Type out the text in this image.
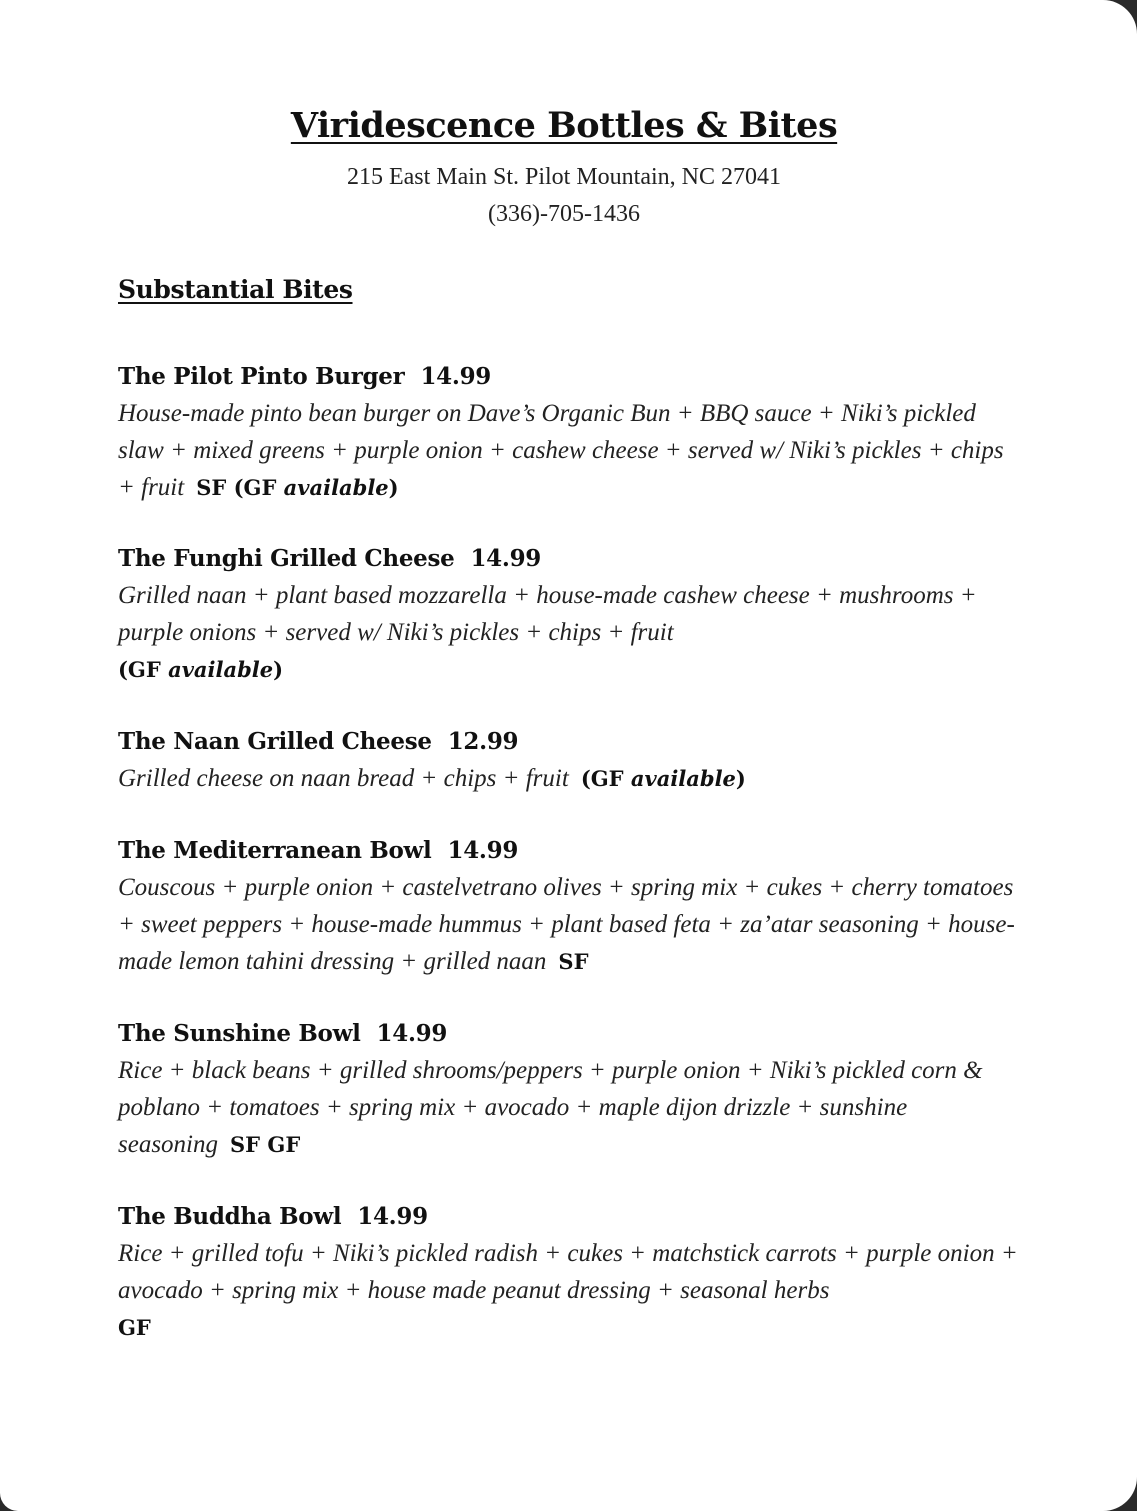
Viridescence Bottles & Bites
215 East Main St. Pilot Mountain, NC 27041
(336)-705-1436
Substantial Bites
The Pilot Pinto Burger 14.99

House-made pinto bean burger on Dave’s Organic Bun + BBQ sauce + Niki’s pickled slaw + mixed greens + purple onion + cashew cheese + served w/ Niki’s pickles + chips + fruit SF (GF available)

The Funghi Grilled Cheese 14.99

Grilled naan + plant based mozzarella + house-made cashew cheese + mushrooms + purple onions + served w/ Niki’s pickles + chips + fruit
(GF available)

The Naan Grilled Cheese 12.99

Grilled cheese on naan bread + chips + fruit (GF available)

The Mediterranean Bowl 14.99

Couscous + purple onion + castelvetrano olives + spring mix + cukes + cherry tomatoes + sweet peppers + house-made hummus + plant based feta + za’atar seasoning + house-made lemon tahini dressing + grilled naan SF

The Sunshine Bowl 14.99

Rice + black beans + grilled shrooms/peppers + purple onion + Niki’s pickled corn & poblano + tomatoes + spring mix + avocado + maple dijon drizzle + sunshine seasoning SF GF

The Buddha Bowl 14.99

Rice + grilled tofu + Niki’s pickled radish + cukes + matchstick carrots + purple onion + avocado + spring mix + house made peanut dressing + seasonal herbs
GF
